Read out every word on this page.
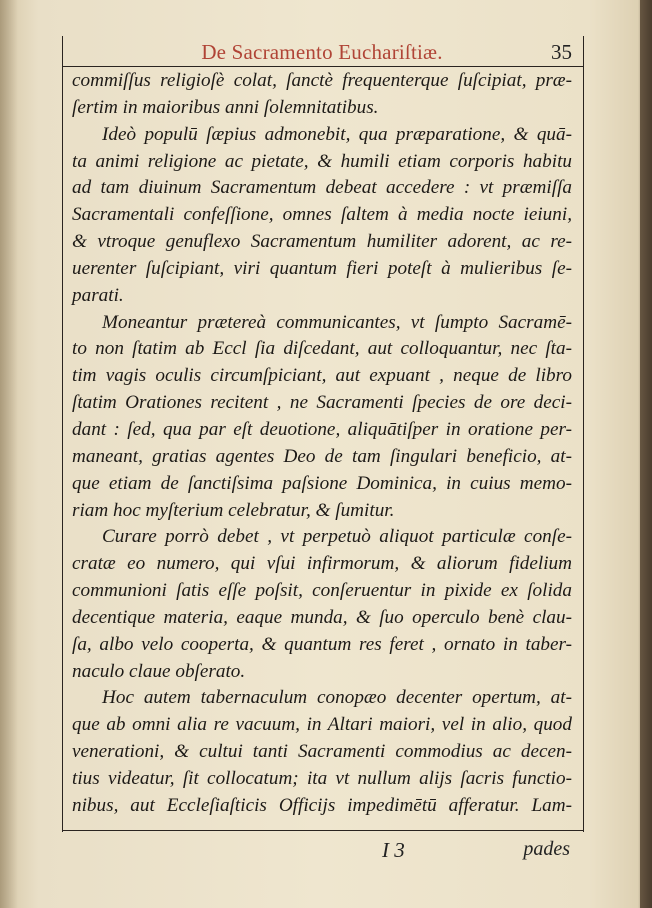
De Sacramento Euchariſtiæ.	35

commiſſus religioſè colat, ſanctè frequenterque ſuſcipiat, præ-
ſertim in maioribus anni ſolemnitatibus.

Ideò populū ſæpius admonebit, qua præparatione, & quā-
ta animi religione ac pietate, & humili etiam corporis habitu
ad tam diuinum Sacramentum debeat accedere : vt præmiſſa
Sacramentali confeſſione, omnes ſaltem à media nocte ieiuni,
& vtroque genuflexo Sacramentum humiliter adorent, ac re-
uerenter ſuſcipiant, viri quantum fieri poteſt à mulieribus ſe-
parati.

Moneantur prætereà communicantes, vt ſumpto Sacramē-
to non ſtatim ab Eccl ſia diſcedant, aut colloquantur, nec ſta-
tim vagis oculis circumſpiciant, aut expuant , neque de libro
ſtatim Orationes recitent , ne Sacramenti ſpecies de ore deci-
dant : ſed, qua par eſt deuotione, aliquātiſper in oratione per-
maneant, gratias agentes Deo de tam ſingulari beneficio, at-
que etiam de ſanctiſsima paſsione Dominica, in cuius memo-
riam hoc myſterium celebratur, & ſumitur.

Curare porrò debet , vt perpetuò aliquot particulæ conſe-
cratæ eo numero, qui vſui infirmorum, & aliorum fidelium
communioni ſatis eſſe poſsit, conſeruentur in pixide ex ſolida
decentique materia, eaque munda, & ſuo operculo benè clau-
ſa, albo velo cooperta, & quantum res feret , ornato in taber-
naculo claue obſerato.

Hoc autem tabernaculum conopæo decenter opertum, at-
que ab omni alia re vacuum, in Altari maiori, vel in alio, quod
venerationi, & cultui tanti Sacramenti commodius ac decen-
tius videatur, ſit collocatum; ita vt nullum alijs ſacris functio-
nibus, aut Eccleſiaſticis Officijs impedimētū afferatur. Lam-

I 3	pades
